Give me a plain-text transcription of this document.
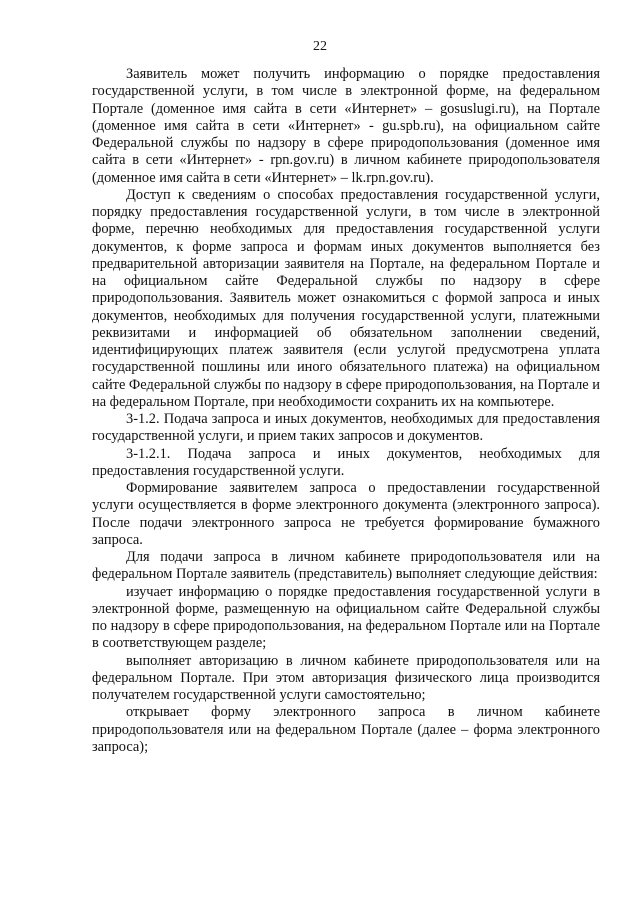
22

Заявитель может получить информацию о порядке предоставления государственной услуги, в том числе в электронной форме, на федеральном Портале (доменное имя сайта в сети «Интернет» – gosuslugi.ru), на Портале (доменное имя сайта в сети «Интернет» - gu.spb.ru), на официальном сайте Федеральной службы по надзору в сфере природопользования (доменное имя сайта в сети «Интернет» - rpn.gov.ru) в личном кабинете природопользователя (доменное имя сайта в сети «Интернет» – lk.rpn.gov.ru).

Доступ к сведениям о способах предоставления государственной услуги, порядку предоставления государственной услуги, в том числе в электронной форме, перечню необходимых для предоставления государственной услуги документов, к форме запроса и формам иных документов выполняется без предварительной авторизации заявителя на Портале, на федеральном Портале и на официальном сайте Федеральной службы по надзору в сфере природопользования. Заявитель может ознакомиться с формой запроса и иных документов, необходимых для получения государственной услуги, платежными реквизитами и информацией об обязательном заполнении сведений, идентифицирующих платеж заявителя (если услугой предусмотрена уплата государственной пошлины или иного обязательного платежа) на официальном сайте Федеральной службы по надзору в сфере природопользования, на Портале и на федеральном Портале, при необходимости сохранить их на компьютере.

3-1.2. Подача запроса и иных документов, необходимых для предоставления государственной услуги, и прием таких запросов и документов.

3-1.2.1. Подача запроса и иных документов, необходимых для предоставления государственной услуги.

Формирование заявителем запроса о предоставлении государственной услуги осуществляется в форме электронного документа (электронного запроса). После подачи электронного запроса не требуется формирование бумажного запроса.

Для подачи запроса в личном кабинете природопользователя или на федеральном Портале заявитель (представитель) выполняет следующие действия:

изучает информацию о порядке предоставления государственной услуги в электронной форме, размещенную на официальном сайте Федеральной службы по надзору в сфере природопользования, на федеральном Портале или на Портале в соответствующем разделе;

выполняет авторизацию в личном кабинете природопользователя или на федеральном Портале. При этом авторизация физического лица производится получателем государственной услуги самостоятельно;

открывает форму электронного запроса в личном кабинете природопользователя или на федеральном Портале (далее – форма электронного запроса);
